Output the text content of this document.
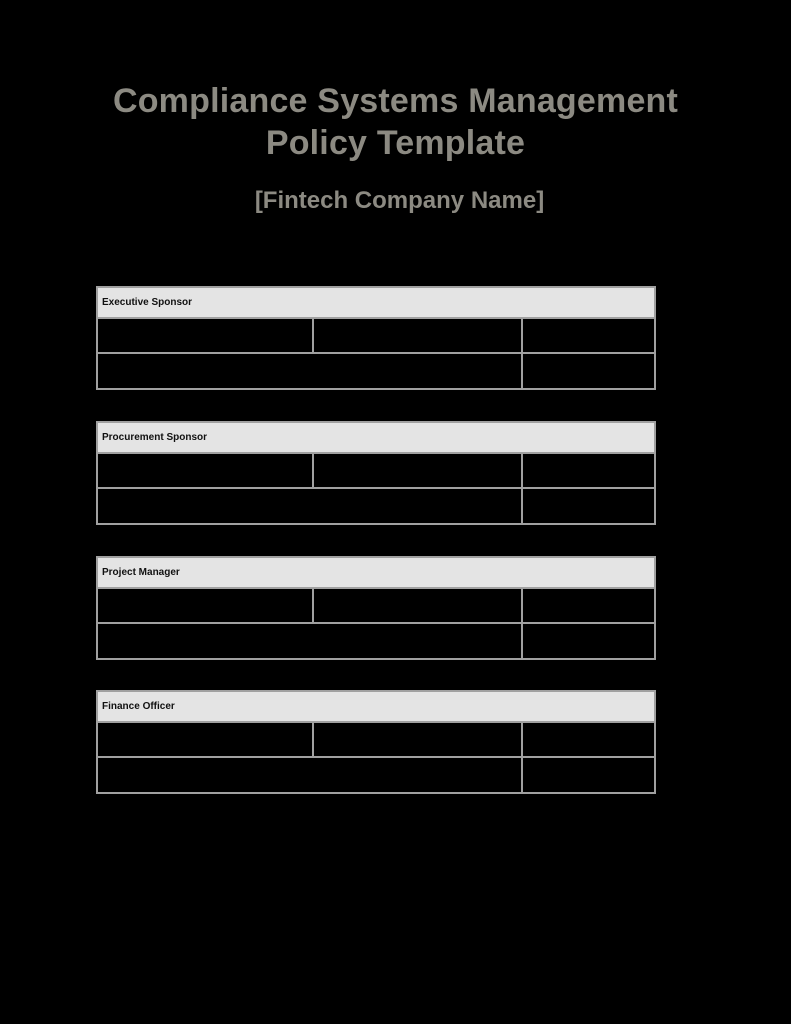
Compliance Systems Management
Policy Template
[Fintech Company Name]
Executive Sponsor
Procurement Sponsor
Project Manager
Finance Officer
